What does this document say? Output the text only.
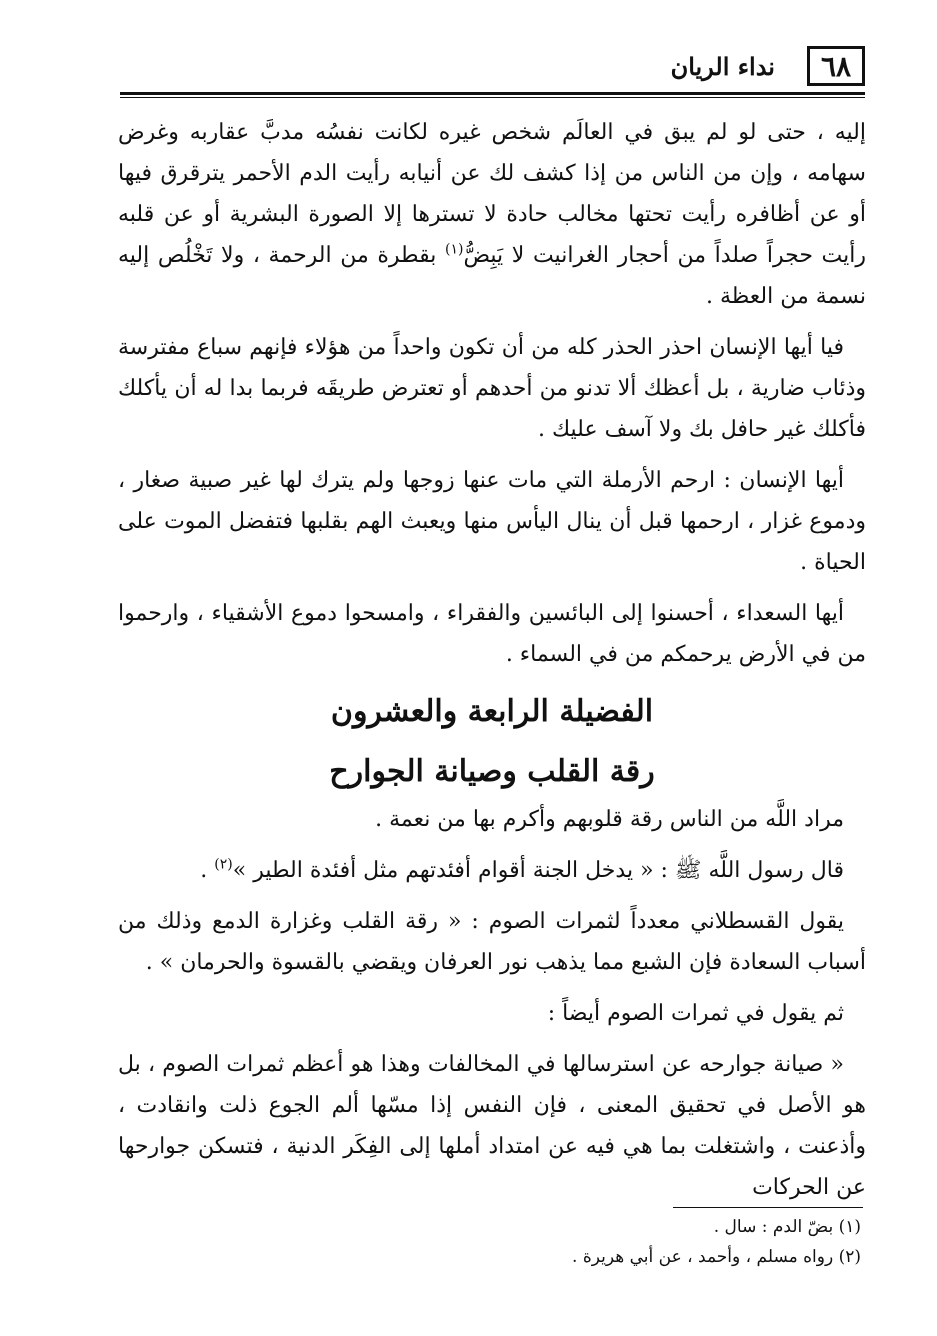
٦٨
نداء الريان

إليه ، حتى لو لم يبق في العالَم شخص غيره لكانت نفسُه مدبَّ عقاربه وغرض سهامه ، وإن من الناس من إذا كشف لك عن أنيابه رأيت الدم الأحمر يترقرق فيها أو عن أظافره رأيت تحتها مخالب حادة لا تسترها إلا الصورة البشرية أو عن قلبه رأيت حجراً صلداً من أحجار الغرانيت لا يَبِضُّ$^{(١)}$ بقطرة من الرحمة ، ولا تَخْلُص إليه نسمة من العظة .

فيا أيها الإنسان احذر الحذر كله من أن تكون واحداً من هؤلاء فإنهم سباع مفترسة وذئاب ضارية ، بل أعظك ألا تدنو من أحدهم أو تعترض طريقَه فربما بدا له أن يأكلك فأكلك غير حافل بك ولا آسف عليك .

أيها الإنسان : ارحم الأرملة التي مات عنها زوجها ولم يترك لها غير صبية صغار ، ودموع غزار ، ارحمها قبل أن ينال اليأس منها ويعبث الهم بقلبها فتفضل الموت على الحياة .

أيها السعداء ، أحسنوا إلى البائسين والفقراء ، وامسحوا دموع الأشقياء ، وارحموا من في الأرض يرحمكم من في السماء .

الفضيلة الرابعة والعشرون
رقة القلب وصيانة الجوارح

مراد اللَّه من الناس رقة قلوبهم وأكرم بها من نعمة .

قال رسول اللَّه ﷺ : « يدخل الجنة أقوام أفئدتهم مثل أفئدة الطير »$^{(٢)}$ .

يقول القسطلاني معدداً لثمرات الصوم : « رقة القلب وغزارة الدمع وذلك من أسباب السعادة فإن الشبع مما يذهب نور العرفان ويقضي بالقسوة والحرمان » .

ثم يقول في ثمرات الصوم أيضاً :

« صيانة جوارحه عن استرسالها في المخالفات وهذا هو أعظم ثمرات الصوم ، بل هو الأصل في تحقيق المعنى ، فإن النفس إذا مسّها ألم الجوع ذلت وانقادت ، وأذعنت ، واشتغلت بما هي فيه عن امتداد أملها إلى الفِكَر الدنية ، فتسكن جوارحها عن الحركات

(١) بضّ الدم : سال .

(٢) رواه مسلم ، وأحمد ، عن أبي هريرة .
